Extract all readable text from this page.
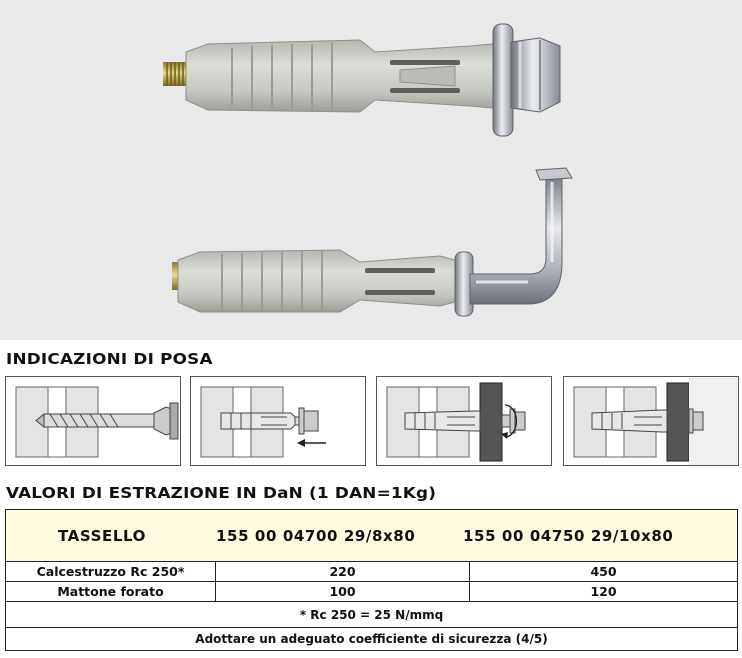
INDICAZIONI DI POSA
VALORI DI ESTRAZIONE IN DaN (1 DAN=1Kg)
TASSELLO	155 00 04700 29/8x80	155 00 04750 29/10x80
Calcestruzzo Rc 250*	220	450
Mattone forato	100	120
* Rc 250 = 25 N/mmq
Adottare un adeguato coefficiente di sicurezza (4/5)
